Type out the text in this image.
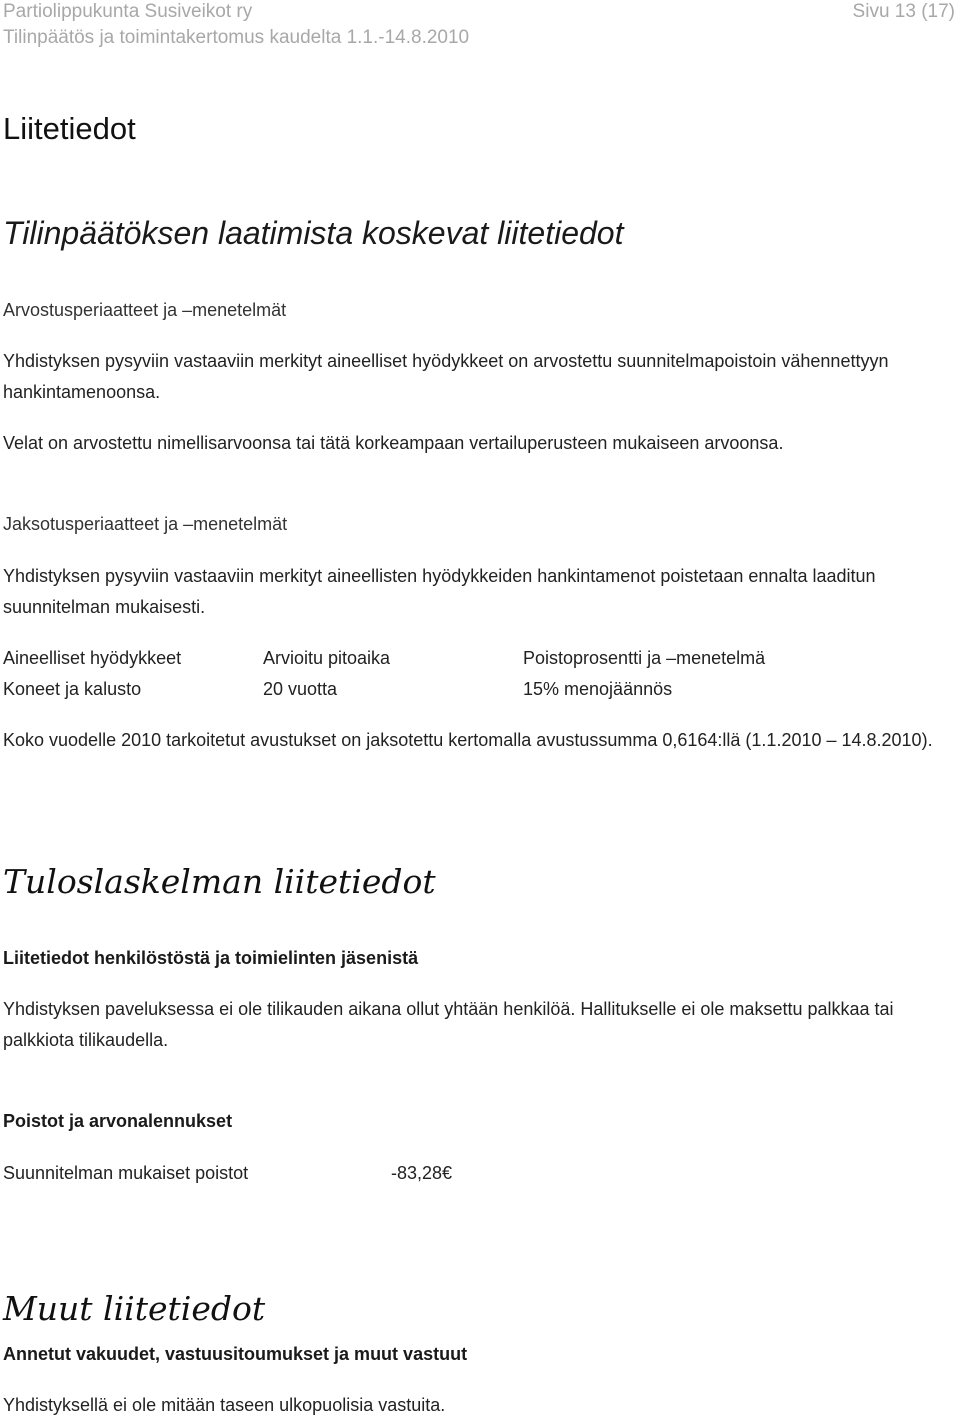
Partiolippukunta Susiveikot ry	Sivu 13 (17)
Tilinpäätös ja toimintakertomus kaudelta 1.1.-14.8.2010
Liitetiedot
Tilinpäätöksen laatimista koskevat liitetiedot
Arvostusperiaatteet ja –menetelmät
Yhdistyksen pysyviin vastaaviin merkityt aineelliset hyödykkeet on arvostettu suunnitelmapoistoin vähennettyyn hankintamenoonsa.
Velat on arvostettu nimellisarvoonsa tai tätä korkeampaan vertailuperusteen mukaiseen arvoonsa.
Jaksotusperiaatteet ja –menetelmät
Yhdistyksen pysyviin vastaaviin merkityt aineellisten hyödykkeiden hankintamenot poistetaan ennalta laaditun suunnitelman mukaisesti.
Aineelliset hyödykkeet	Arvioitu pitoaika	Poistoprosentti ja –menetelmä
Koneet ja kalusto	20 vuotta	15% menojäännös
Koko vuodelle 2010 tarkoitetut avustukset on jaksotettu kertomalla avustussumma 0,6164:llä (1.1.2010 – 14.8.2010).
Tuloslaskelman liitetiedot
Liitetiedot henkilöstöstä ja toimielinten jäsenistä
Yhdistyksen paveluksessa ei ole tilikauden aikana ollut yhtään henkilöä. Hallitukselle ei ole maksettu palkkaa tai palkkiota tilikaudella.
Poistot ja arvonalennukset
Suunnitelman mukaiset poistot	-83,28€
Muut liitetiedot
Annetut vakuudet, vastuusitoumukset ja muut vastuut
Yhdistyksellä ei ole mitään taseen ulkopuolisia vastuita.
